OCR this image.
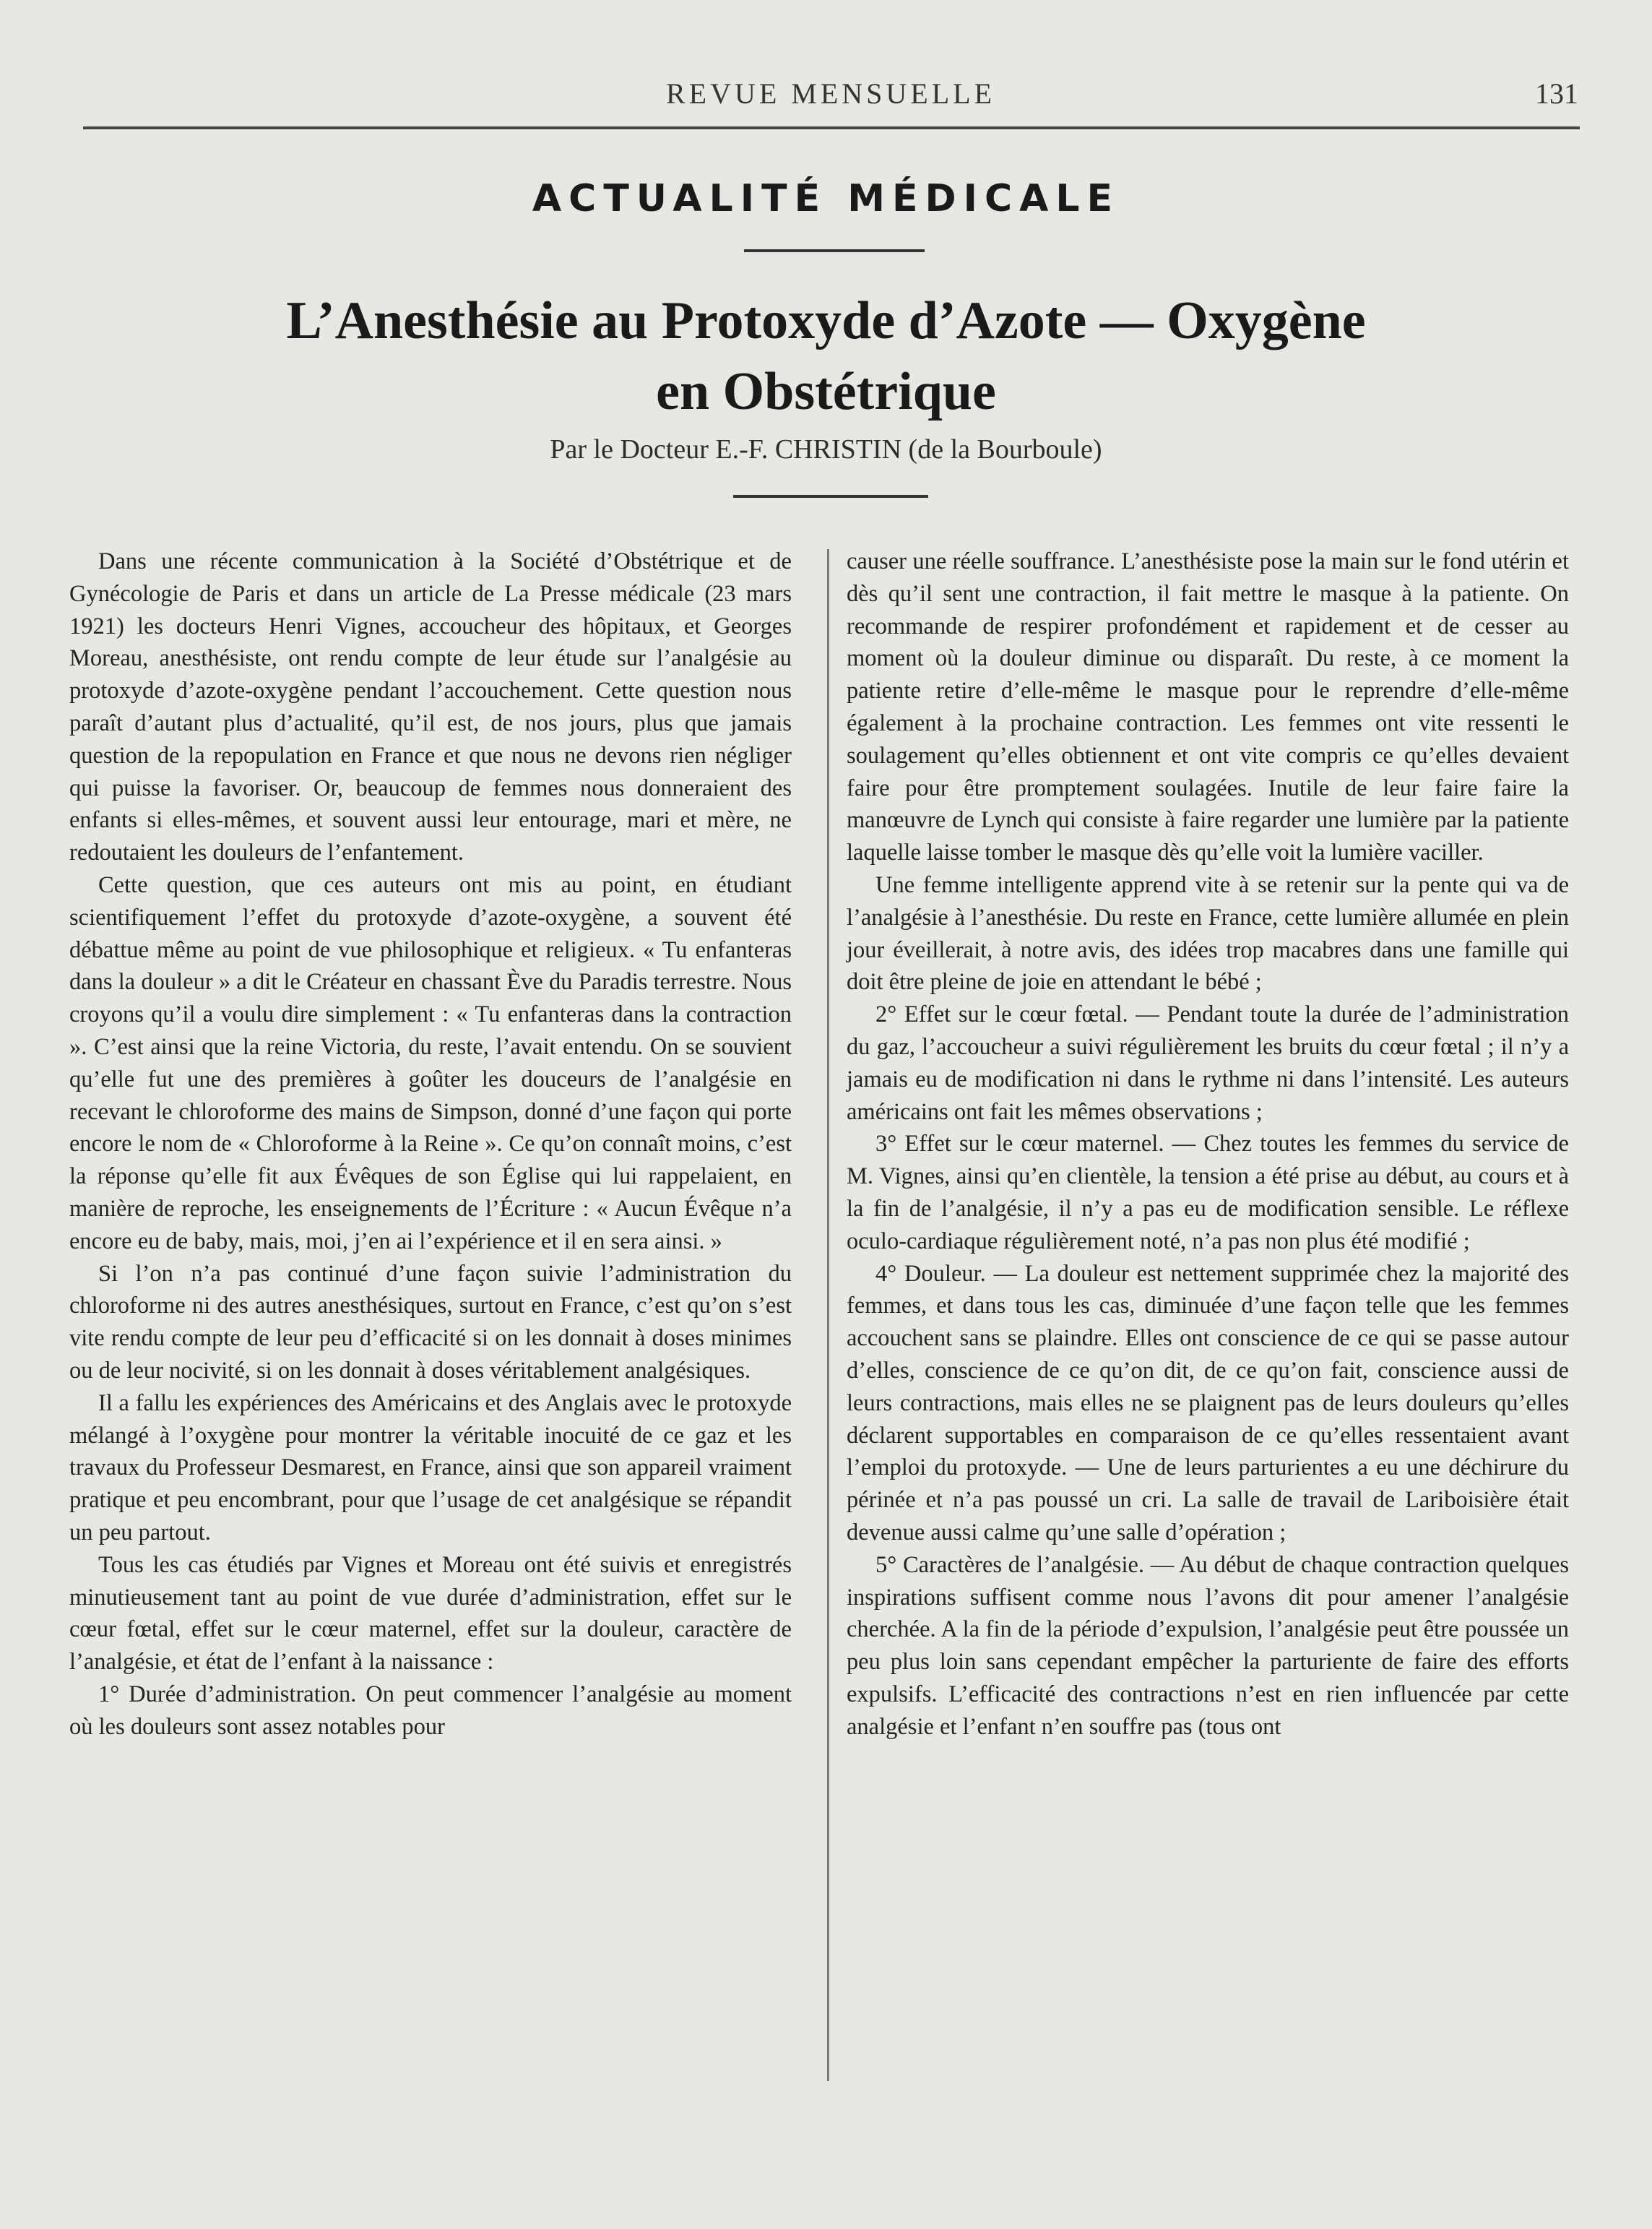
REVUE MENSUELLE	131
ACTUALITÉ MÉDICALE
L’Anesthésie au Protoxyde d’Azote — Oxygène
en Obstétrique
Par le Docteur E.-F. CHRISTIN (de la Bourboule)

Dans une récente communication à la Société d’Obstétrique et de Gynécologie de Paris et dans un article de La Presse médicale (23 mars 1921) les docteurs Henri Vignes, accoucheur des hôpitaux, et Georges Moreau, anesthésiste, ont rendu compte de leur étude sur l’analgésie au protoxyde d’azote-oxygène pendant l’accouchement. Cette question nous paraît d’autant plus d’actualité, qu’il est, de nos jours, plus que jamais question de la repopulation en France et que nous ne devons rien négliger qui puisse la favoriser. Or, beaucoup de femmes nous donneraient des enfants si elles-mêmes, et souvent aussi leur entourage, mari et mère, ne redoutaient les douleurs de l’enfantement.

Cette question, que ces auteurs ont mis au point, en étudiant scientifiquement l’effet du protoxyde d’azote-oxygène, a souvent été débattue même au point de vue philosophique et religieux. « Tu enfanteras dans la douleur » a dit le Créateur en chassant Ève du Paradis terrestre. Nous croyons qu’il a voulu dire simplement : « Tu enfanteras dans la contraction ». C’est ainsi que la reine Victoria, du reste, l’avait entendu. On se souvient qu’elle fut une des premières à goûter les douceurs de l’analgésie en recevant le chloroforme des mains de Simpson, donné d’une façon qui porte encore le nom de « Chloroforme à la Reine ». Ce qu’on connaît moins, c’est la réponse qu’elle fit aux Évêques de son Église qui lui rappelaient, en manière de reproche, les enseignements de l’Écriture : « Aucun Évêque n’a encore eu de baby, mais, moi, j’en ai l’expérience et il en sera ainsi. »

Si l’on n’a pas continué d’une façon suivie l’administration du chloroforme ni des autres anesthésiques, surtout en France, c’est qu’on s’est vite rendu compte de leur peu d’efficacité si on les donnait à doses minimes ou de leur nocivité, si on les donnait à doses véritablement analgésiques.

Il a fallu les expériences des Américains et des Anglais avec le protoxyde mélangé à l’oxygène pour montrer la véritable inocuité de ce gaz et les travaux du Professeur Desmarest, en France, ainsi que son appareil vraiment pratique et peu encombrant, pour que l’usage de cet analgésique se répandit un peu partout.

Tous les cas étudiés par Vignes et Moreau ont été suivis et enregistrés minutieusement tant au point de vue durée d’administration, effet sur le cœur fœtal, effet sur le cœur maternel, effet sur la douleur, caractère de l’analgésie, et état de l’enfant à la naissance :

1° Durée d’administration. On peut commencer l’analgésie au moment où les douleurs sont assez notables pour

causer une réelle souffrance. L’anesthésiste pose la main sur le fond utérin et dès qu’il sent une contraction, il fait mettre le masque à la patiente. On recommande de respirer profondément et rapidement et de cesser au moment où la douleur diminue ou disparaît. Du reste, à ce moment la patiente retire d’elle-même le masque pour le reprendre d’elle-même également à la prochaine contraction. Les femmes ont vite ressenti le soulagement qu’elles obtiennent et ont vite compris ce qu’elles devaient faire pour être promptement soulagées. Inutile de leur faire faire la manœuvre de Lynch qui consiste à faire regarder une lumière par la patiente laquelle laisse tomber le masque dès qu’elle voit la lumière vaciller.

Une femme intelligente apprend vite à se retenir sur la pente qui va de l’analgésie à l’anesthésie. Du reste en France, cette lumière allumée en plein jour éveillerait, à notre avis, des idées trop macabres dans une famille qui doit être pleine de joie en attendant le bébé ;

2° Effet sur le cœur fœtal. — Pendant toute la durée de l’administration du gaz, l’accoucheur a suivi régulièrement les bruits du cœur fœtal ; il n’y a jamais eu de modification ni dans le rythme ni dans l’intensité. Les auteurs américains ont fait les mêmes observations ;

3° Effet sur le cœur maternel. — Chez toutes les femmes du service de M. Vignes, ainsi qu’en clientèle, la tension a été prise au début, au cours et à la fin de l’analgésie, il n’y a pas eu de modification sensible. Le réflexe oculo-cardiaque régulièrement noté, n’a pas non plus été modifié ;

4° Douleur. — La douleur est nettement supprimée chez la majorité des femmes, et dans tous les cas, diminuée d’une façon telle que les femmes accouchent sans se plaindre. Elles ont conscience de ce qui se passe autour d’elles, conscience de ce qu’on dit, de ce qu’on fait, conscience aussi de leurs contractions, mais elles ne se plaignent pas de leurs douleurs qu’elles déclarent supportables en comparaison de ce qu’elles ressentaient avant l’emploi du protoxyde. — Une de leurs parturientes a eu une déchirure du périnée et n’a pas poussé un cri. La salle de travail de Lariboisière était devenue aussi calme qu’une salle d’opération ;

5° Caractères de l’analgésie. — Au début de chaque contraction quelques inspirations suffisent comme nous l’avons dit pour amener l’analgésie cherchée. A la fin de la période d’expulsion, l’analgésie peut être poussée un peu plus loin sans cependant empêcher la parturiente de faire des efforts expulsifs. L’efficacité des contractions n’est en rien influencée par cette analgésie et l’enfant n’en souffre pas (tous ont
